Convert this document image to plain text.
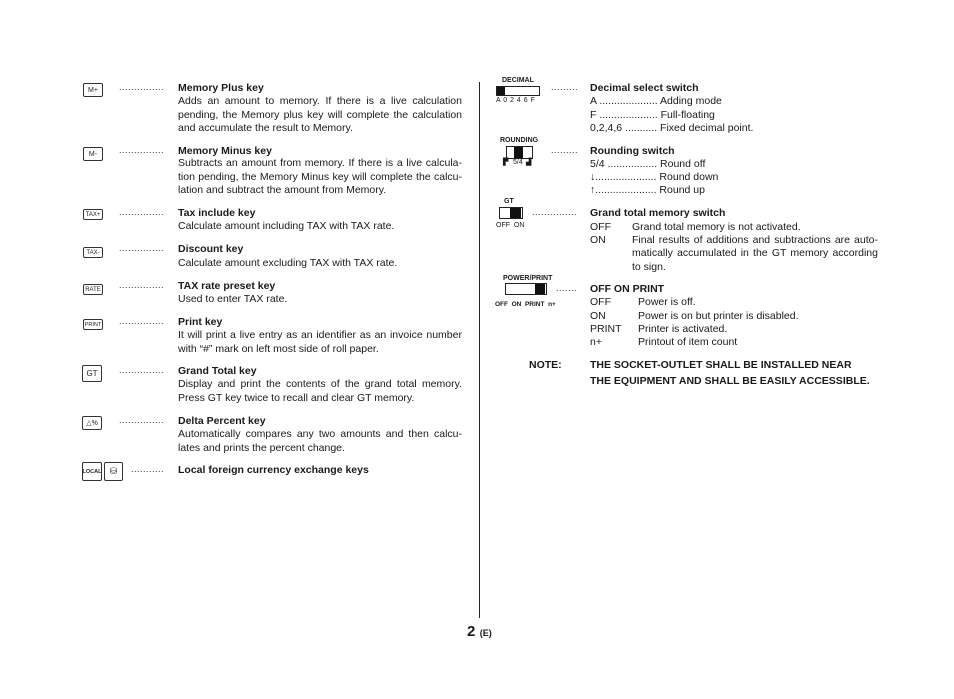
M+	............... Memory Plus key
Adds an amount to memory. If there is a live calculation pending, the Memory plus key will complete the calculation and accumulate the result to Memory.
M-	............... Memory Minus key
Subtracts an amount from memory. If there is a live calcula-tion pending, the Memory Minus key will complete the calcu-lation and subtract the amount from Memory.
TAX+ ............... Tax include key
Calculate amount including TAX with TAX rate.
TAX-	............... Discount key
Calculate amount excluding TAX with TAX rate.
RATE ............... TAX rate preset key
Used to enter TAX rate.
PRINT ............... Print key
It will print a live entry as an identifier as an invoice number with “#” mark on left most side of roll paper.
GT	............... Grand Total key
Display and print the contents of the grand total memory. Press GT key twice to recall and clear GT memory.
△%	............... Delta Percent key
Automatically compares any two amounts and then calcu-lates and prints the percent change.
LOCAL ⛁	........... Local foreign currency exchange keys
DECIMAL
A 0 2 4 6 F
......... Decimal select switch
A .................... Adding mode
F .................... Full-floating
0,2,4,6 ........... Fixed decimal point.
ROUNDING
▛ 5/4 ▟
......... Rounding switch
5/4 ................. Round off
↓..................... Round down
↑..................... Round up
GT
OFF  ON
............... Grand total memory switch
OFF Grand total memory is not activated.
ON	Final results of additions and subtractions are auto-matically accumulated in the GT memory according to sign.
POWER/PRINT
OFF  ON  PRINT  n+
....... OFF ON PRINT
OFF	Power is off.
ON	Power is on but printer is disabled.
PRINT Printer is activated.
n+	Printout of item count
NOTE:	THE SOCKET-OUTLET SHALL BE INSTALLED NEAR
THE EQUIPMENT AND SHALL BE EASILY ACCESSIBLE.
2 (E)
